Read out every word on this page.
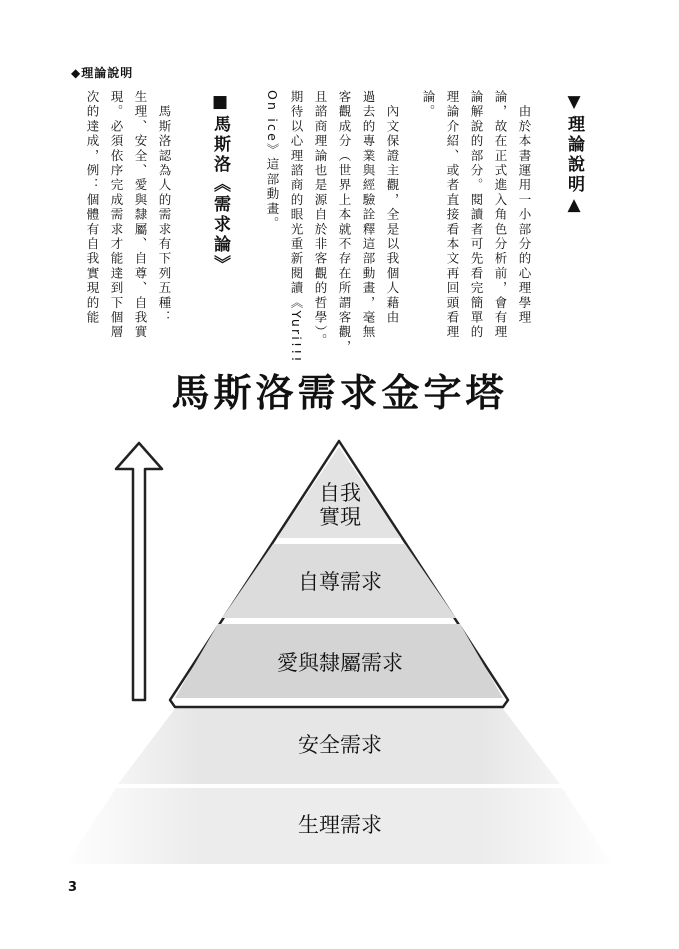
◆理論說明
▼理論說明▲
　由於本書運用一小部分的心理學理
論，故在正式進入角色分析前，會有理
論解說的部分。閱讀者可先看完簡單的
理論介紹、或者直接看本文再回頭看理
論。
　內文保證主觀，全是以我個人藉由
過去的專業與經驗詮釋這部動畫，毫無
客觀成分（世界上本就不存在所謂客觀，
且諮商理論也是源自於非客觀的哲學）。
期待以心理諮商的眼光重新閱讀《Yuri!!!
On ice》這部動畫。
■馬斯洛《需求論》
　馬斯洛認為人的需求有下列五種：
生理、安全、愛與隸屬、自尊、自我實
現。必須依序完成需求才能達到下個層
次的達成，例：個體有自我實現的能
馬斯洛需求金字塔
自我
實現
自尊需求
愛與隸屬需求
安全需求
生理需求
3
